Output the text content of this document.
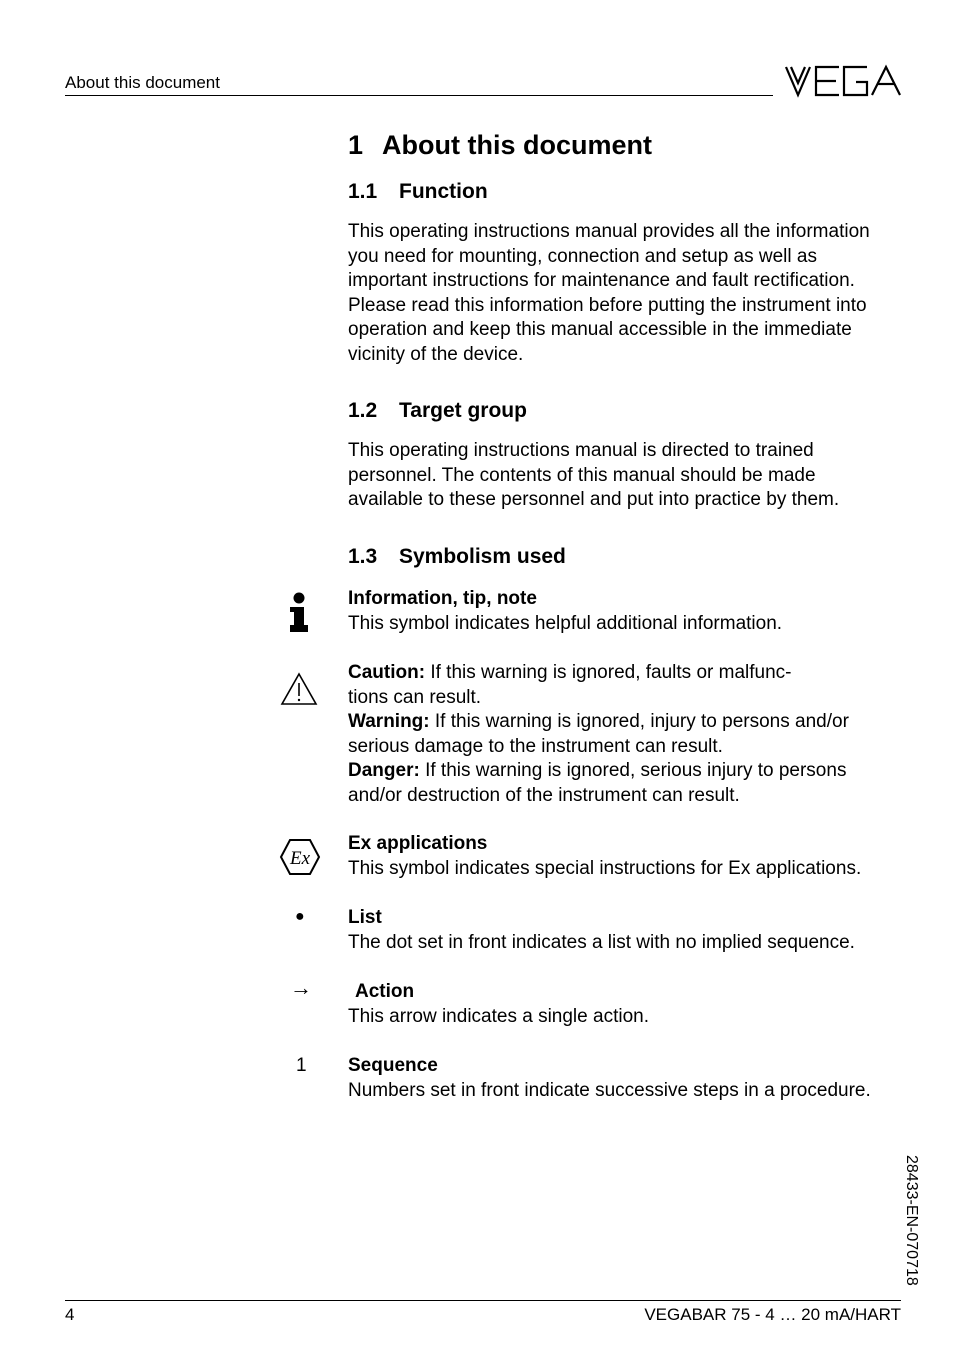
About this document
1 About this document
1.1 Function
This operating instructions manual provides all the information
you need for mounting, connection and setup as well as
important instructions for maintenance and fault rectification.
Please read this information before putting the instrument into
operation and keep this manual accessible in the immediate
vicinity of the device.
1.2 Target group
This operating instructions manual is directed to trained
personnel. The contents of this manual should be made
available to these personnel and put into practice by them.
1.3 Symbolism used
Information, tip, note
This symbol indicates helpful additional information.
Caution: If this warning is ignored, faults or malfunc-
tions can result.
Warning: If this warning is ignored, injury to persons and/or
serious damage to the instrument can result.
Danger: If this warning is ignored, serious injury to persons
and/or destruction of the instrument can result.
Ex
Ex applications
This symbol indicates special instructions for Ex applications.
● List
The dot set in front indicates a list with no implied sequence.
→	Action
This arrow indicates a single action.
1 Sequence
Numbers set in front indicate successive steps in a procedure.
28433-EN-070718
4	VEGABAR 75 - 4 … 20 mA/HART
